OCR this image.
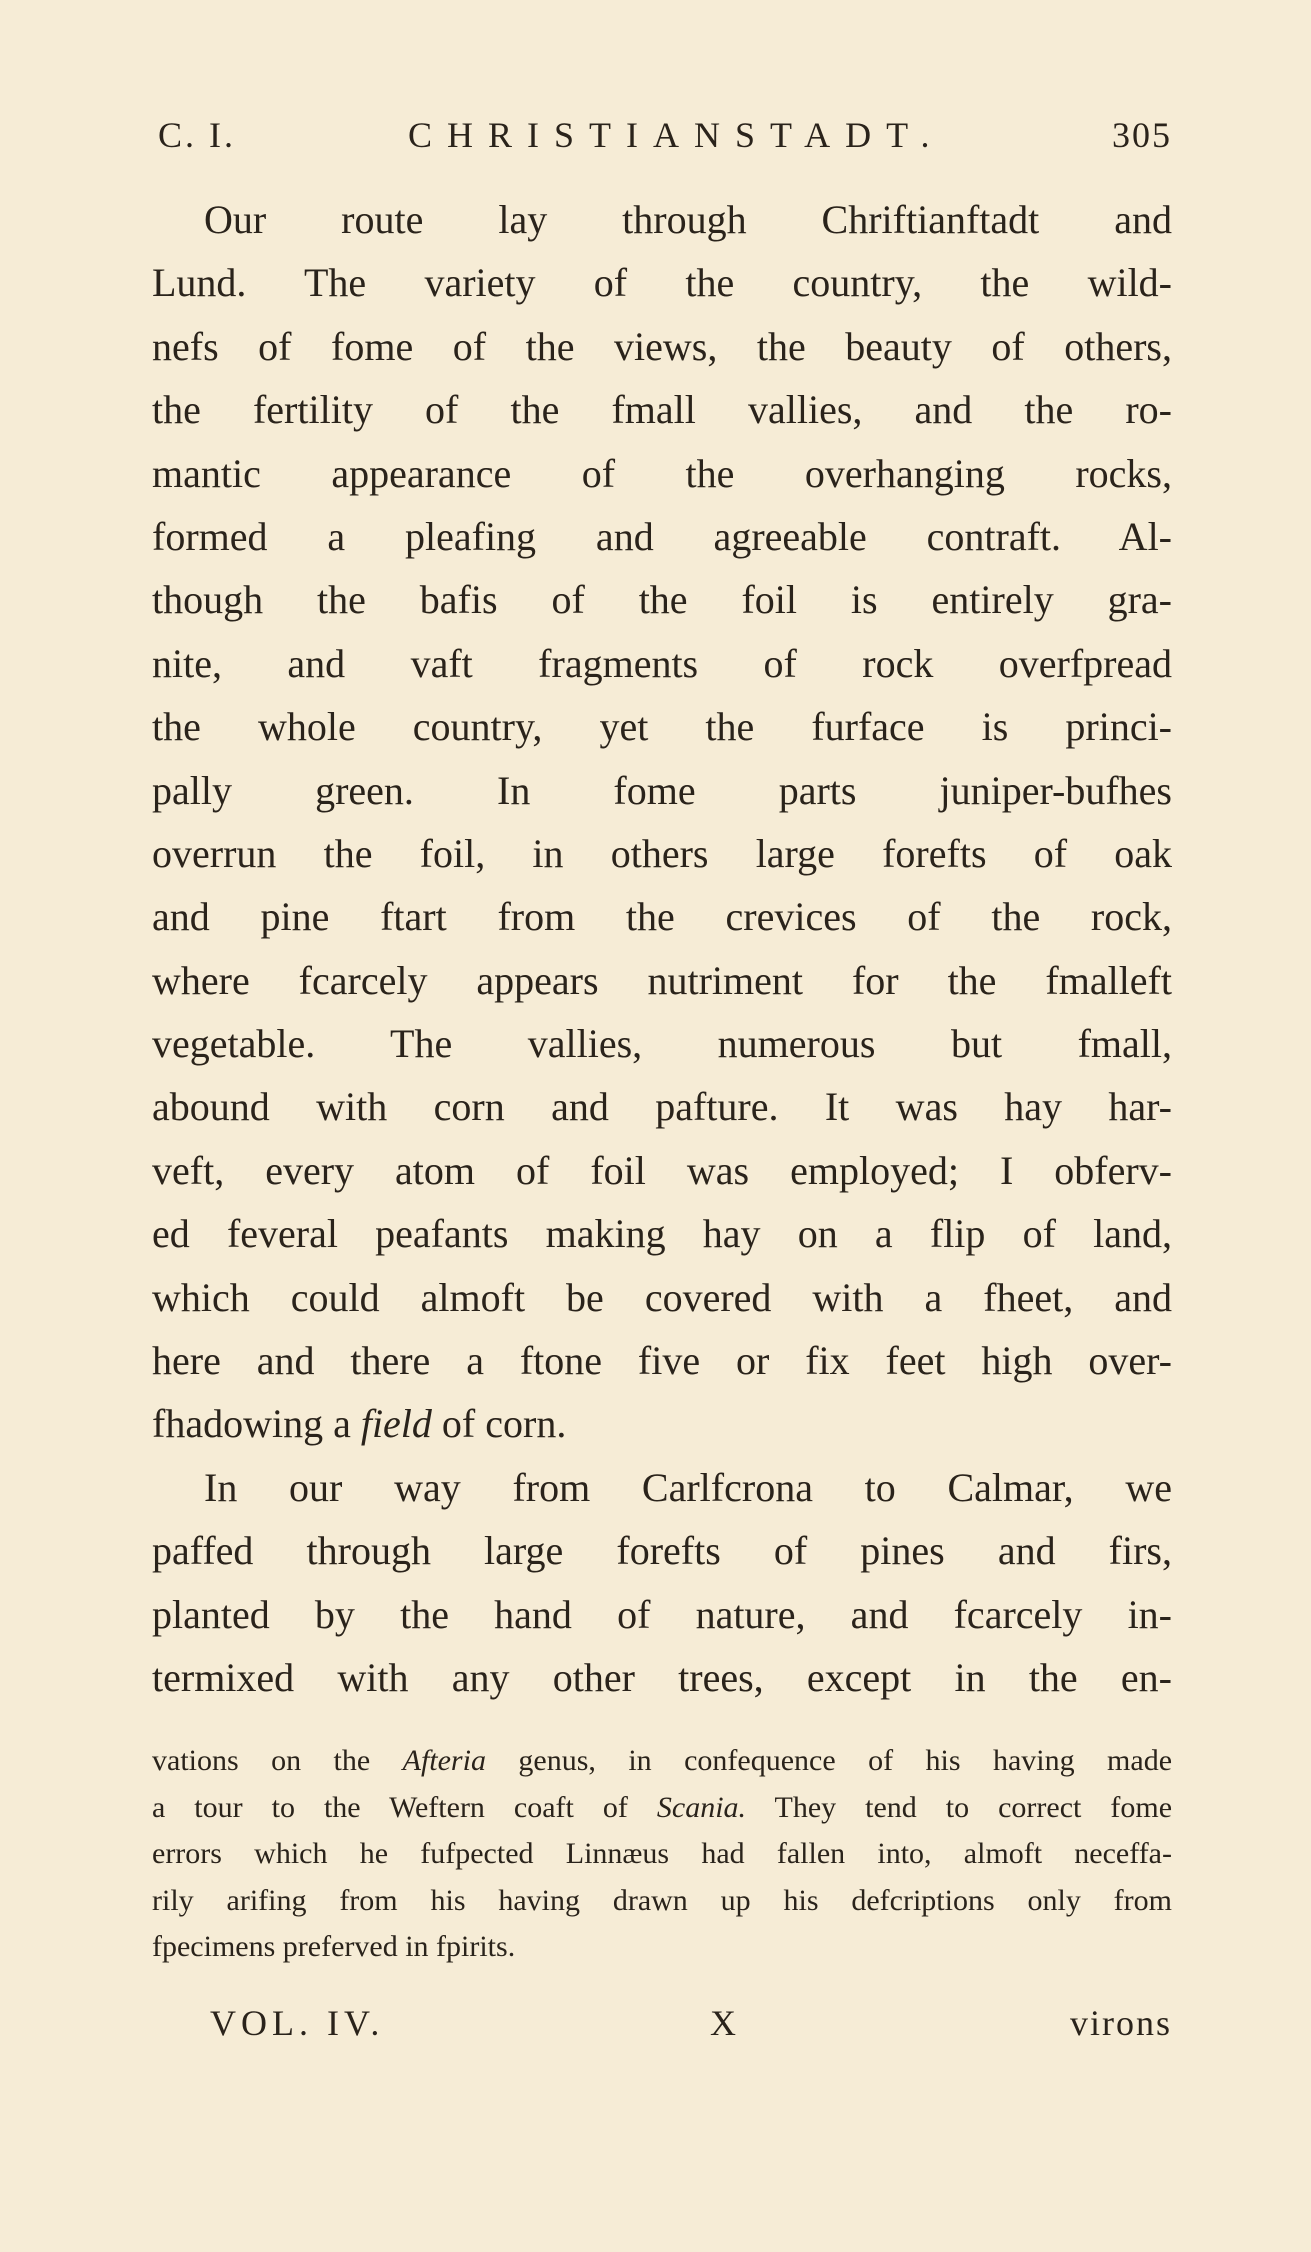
C. I.	CHRISTIANSTADT.	305
Our route lay through Chriftianftadt and
Lund. The variety of the country, the wild-
nefs of fome of the views, the beauty of others,
the fertility of the fmall vallies, and the ro-
mantic appearance of the overhanging rocks,
formed a pleafing and agreeable contraft. Al-
though the bafis of the foil is entirely gra-
nite, and vaft fragments of rock overfpread
the whole country, yet the furface is princi-
pally green. In fome parts juniper-bufhes
overrun the foil, in others large forefts of oak
and pine ftart from the crevices of the rock,
where fcarcely appears nutriment for the fmalleft
vegetable. The vallies, numerous but fmall,
abound with corn and pafture. It was hay har-
veft, every atom of foil was employed; I obferv-
ed feveral peafants making hay on a flip of land,
which could almoft be covered with a fheet, and
here and there a ftone five or fix feet high over-
fhadowing a field of corn.
In our way from Carlfcrona to Calmar, we
paffed through large forefts of pines and firs,
planted by the hand of nature, and fcarcely in-
termixed with any other trees, except in the en-
vations on the Afteria genus, in confequence of his having made
a tour to the Weftern coaft of Scania. They tend to correct fome
errors which he fufpected Linnæus had fallen into, almoft neceffa-
rily arifing from his having drawn up his defcriptions only from
fpecimens preferved in fpirits.
VOL. IV.	X	virons
